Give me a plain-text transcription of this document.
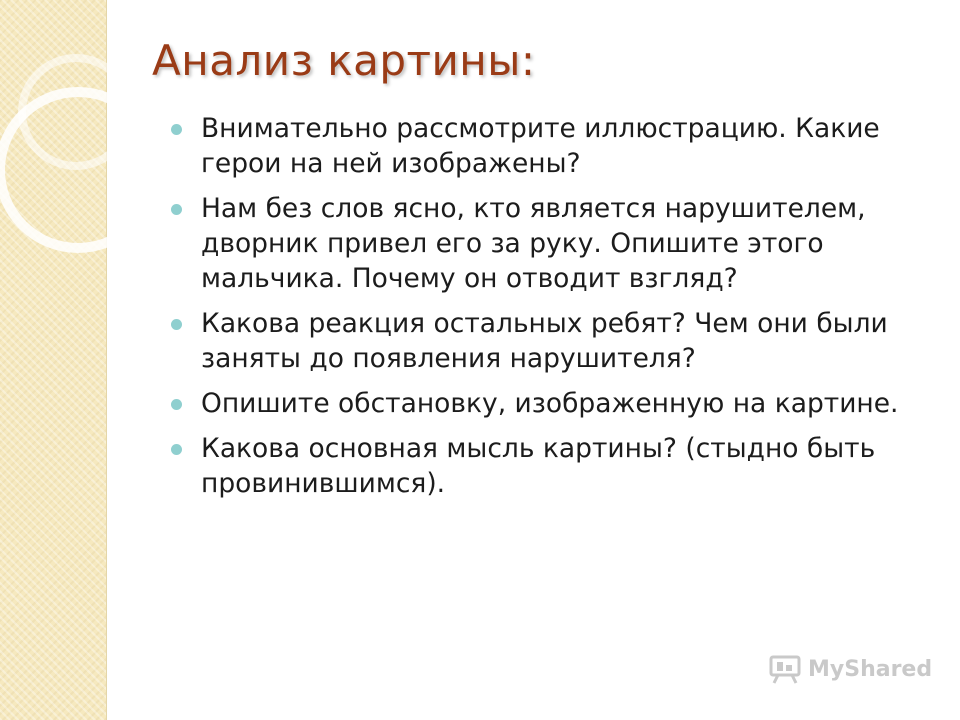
Анализ картины:
Внимательно рассмотрите иллюстрацию. Какие герои на ней изображены?
Нам без слов ясно, кто является нарушителем, дворник привел его за руку. Опишите этого мальчика. Почему он отводит взгляд?
Какова реакция остальных ребят? Чем они были заняты до появления нарушителя?
Опишите обстановку, изображенную на картине.
Какова основная мысль картины? (стыдно быть провинившимся).
MyShared
